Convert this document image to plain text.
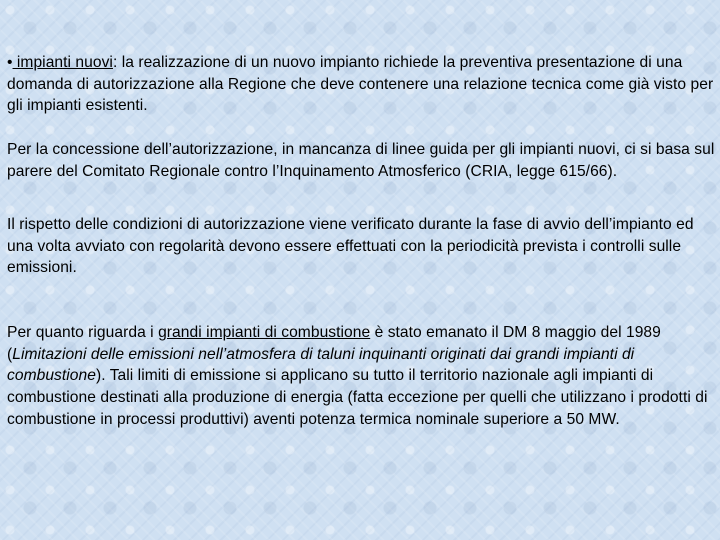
• impianti nuovi: la realizzazione di un nuovo impianto richiede la preventiva presentazione di una domanda di autorizzazione alla Regione che deve contenere una relazione tecnica come già visto per gli impianti esistenti.

Per la concessione dell’autorizzazione, in mancanza di linee guida per gli impianti nuovi, ci si basa sul parere del Comitato Regionale contro l’Inquinamento Atmosferico (CRIA, legge 615/66).

Il rispetto delle condizioni di autorizzazione viene verificato durante la fase di avvio dell’impianto ed una volta avviato con regolarità devono essere effettuati con la periodicità prevista i controlli sulle emissioni.

Per quanto riguarda i grandi impianti di combustione è stato emanato il DM 8 maggio del 1989 (Limitazioni delle emissioni nell’atmosfera di taluni inquinanti originati dai grandi impianti di combustione). Tali limiti di emissione si applicano su tutto il territorio nazionale agli impianti di combustione destinati alla produzione di energia (fatta eccezione per quelli che utilizzano i prodotti di combustione in processi produttivi) aventi potenza termica nominale superiore a 50 MW.
